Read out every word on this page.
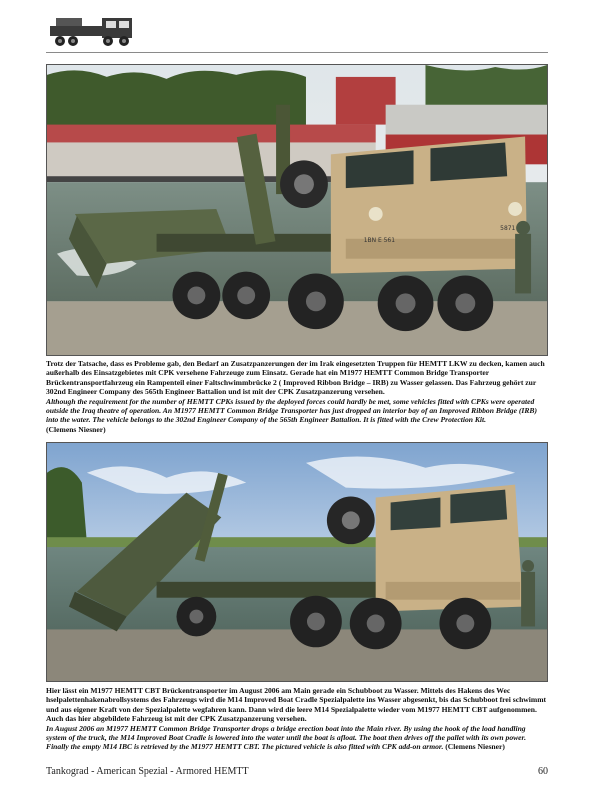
1BN E 561
5871

Trotz der Tatsache, dass es Probleme gab, den Bedarf an Zusatzpanzerungen der im Irak eingesetzten Truppen für HEMTT LKW zu decken, kamen auch außerhalb des Einsatzgebietes mit CPK versehene Fahrzeuge zum Einsatz. Gerade hat ein M1977 HEMTT Common Bridge Transporter Brückentransportfahrzeug ein Rampenteil einer Faltschwimmbrücke 2 ( Improved Ribbon Bridge – IRB) zu Wasser gelassen. Das Fahrzeug gehört zur 302nd Engineer Company des 565th Engineer Battalion und ist mit der CPK Zusatzpanzerung versehen.

Although the requirement for the number of HEMTT CPKs issued by the deployed forces could hardly be met, some vehicles fitted with CPKs were operated outside the Iraq theatre of operation. An M1977 HEMTT Common Bridge Transporter has just dropped an interior bay of an Improved Ribbon Bridge (IRB) into the water. The vehicle belongs to the 302nd Engineer Company of the 565th Engineer Battalion. It is fitted with the Crew Protection Kit.
(Clemens Niesner)

Hier lässt ein M1977 HEMTT CBT Brückentransporter im August 2006 am Main gerade ein Schubboot zu Wasser. Mittels des Hakens des Wec hselpalettenhakenabrollsystems des Fahrzeugs wird die M14 Improved Boat Cradle Spezialpalette ins Wasser abgesenkt, bis das Schubboot frei schwimmt und aus eigener Kraft von der Spezialpalette wegfahren kann. Dann wird die leere M14 Spezialpalette wieder vom M1977 HEMTT CBT aufgenommen. Auch das hier abgebildete Fahrzeug ist mit der CPK Zusatzpanzerung versehen.

In August 2006 an M1977 HEMTT Common Bridge Transporter drops a bridge erection boat into the Main river. By using the hook of the load handling system of the truck, the M14 Improved Boat Cradle is lowered into the water until the boat is afloat. The boat then drives off the pallet with its own power. Finally the empty M14 IBC is retrieved by the M1977 HEMTT CBT. The pictured vehicle is also fitted with CPK add-on armor. (Clemens Niesner)

Tankograd - American Spezial - Armored HEMTT	60
